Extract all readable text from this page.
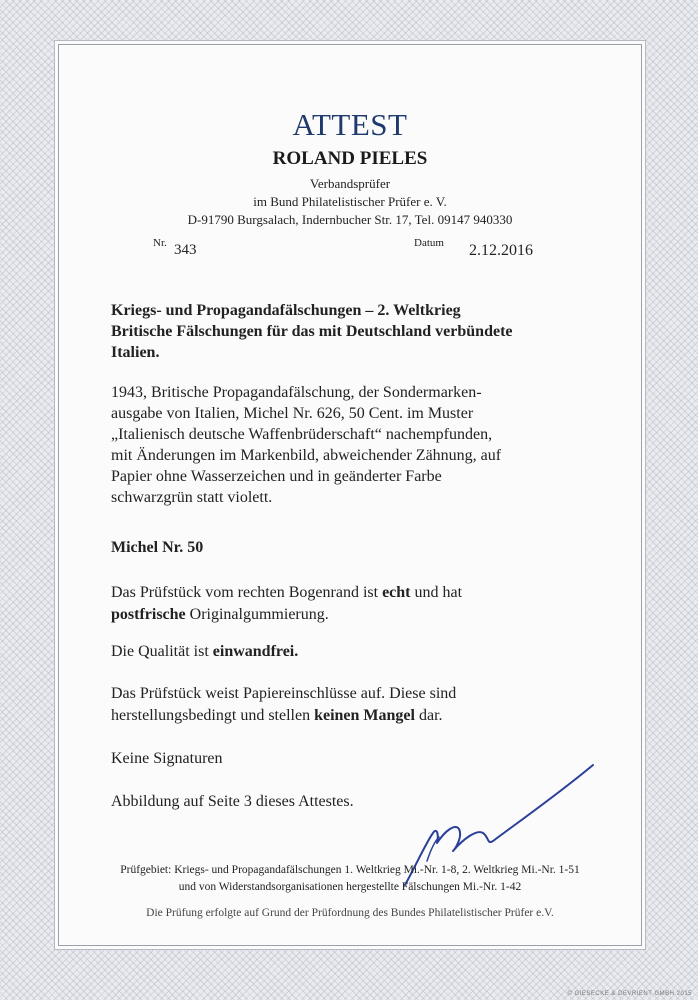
ATTEST
ROLAND PIELES
Verbandsprüfer
im Bund Philatelistischer Prüfer e. V.
D-91790 Burgsalach, Indernbucher Str. 17, Tel. 09147 940330
Nr. 343	Datum 2.12.2016
Kriegs- und Propagandafälschungen – 2. Weltkrieg
Britische Fälschungen für das mit Deutschland verbündete
Italien.
1943, Britische Propagandafälschung, der Sondermarken-
ausgabe von Italien, Michel Nr. 626, 50 Cent. im Muster
„Italienisch deutsche Waffenbrüderschaft“ nachempfunden,
mit Änderungen im Markenbild, abweichender Zähnung, auf
Papier ohne Wasserzeichen und in geänderter Farbe
schwarzgrün statt violett.
Michel Nr. 50
Das Prüfstück vom rechten Bogenrand ist echt und hat
postfrische Originalgummierung.
Die Qualität ist einwandfrei.
Das Prüfstück weist Papiereinschlüsse auf. Diese sind
herstellungsbedingt und stellen keinen Mangel dar.
Keine Signaturen
Abbildung auf Seite 3 dieses Attestes.
Prüfgebiet: Kriegs- und Propagandafälschungen 1. Weltkrieg Mi.-Nr. 1-8, 2. Weltkrieg Mi.-Nr. 1-51
und von Widerstandsorganisationen hergestellte Fälschungen Mi.-Nr. 1-42
Die Prüfung erfolgte auf Grund der Prüfordnung des Bundes Philatelistischer Prüfer e.V.
© GIESECKE & DEVRIENT GMBH 2015
